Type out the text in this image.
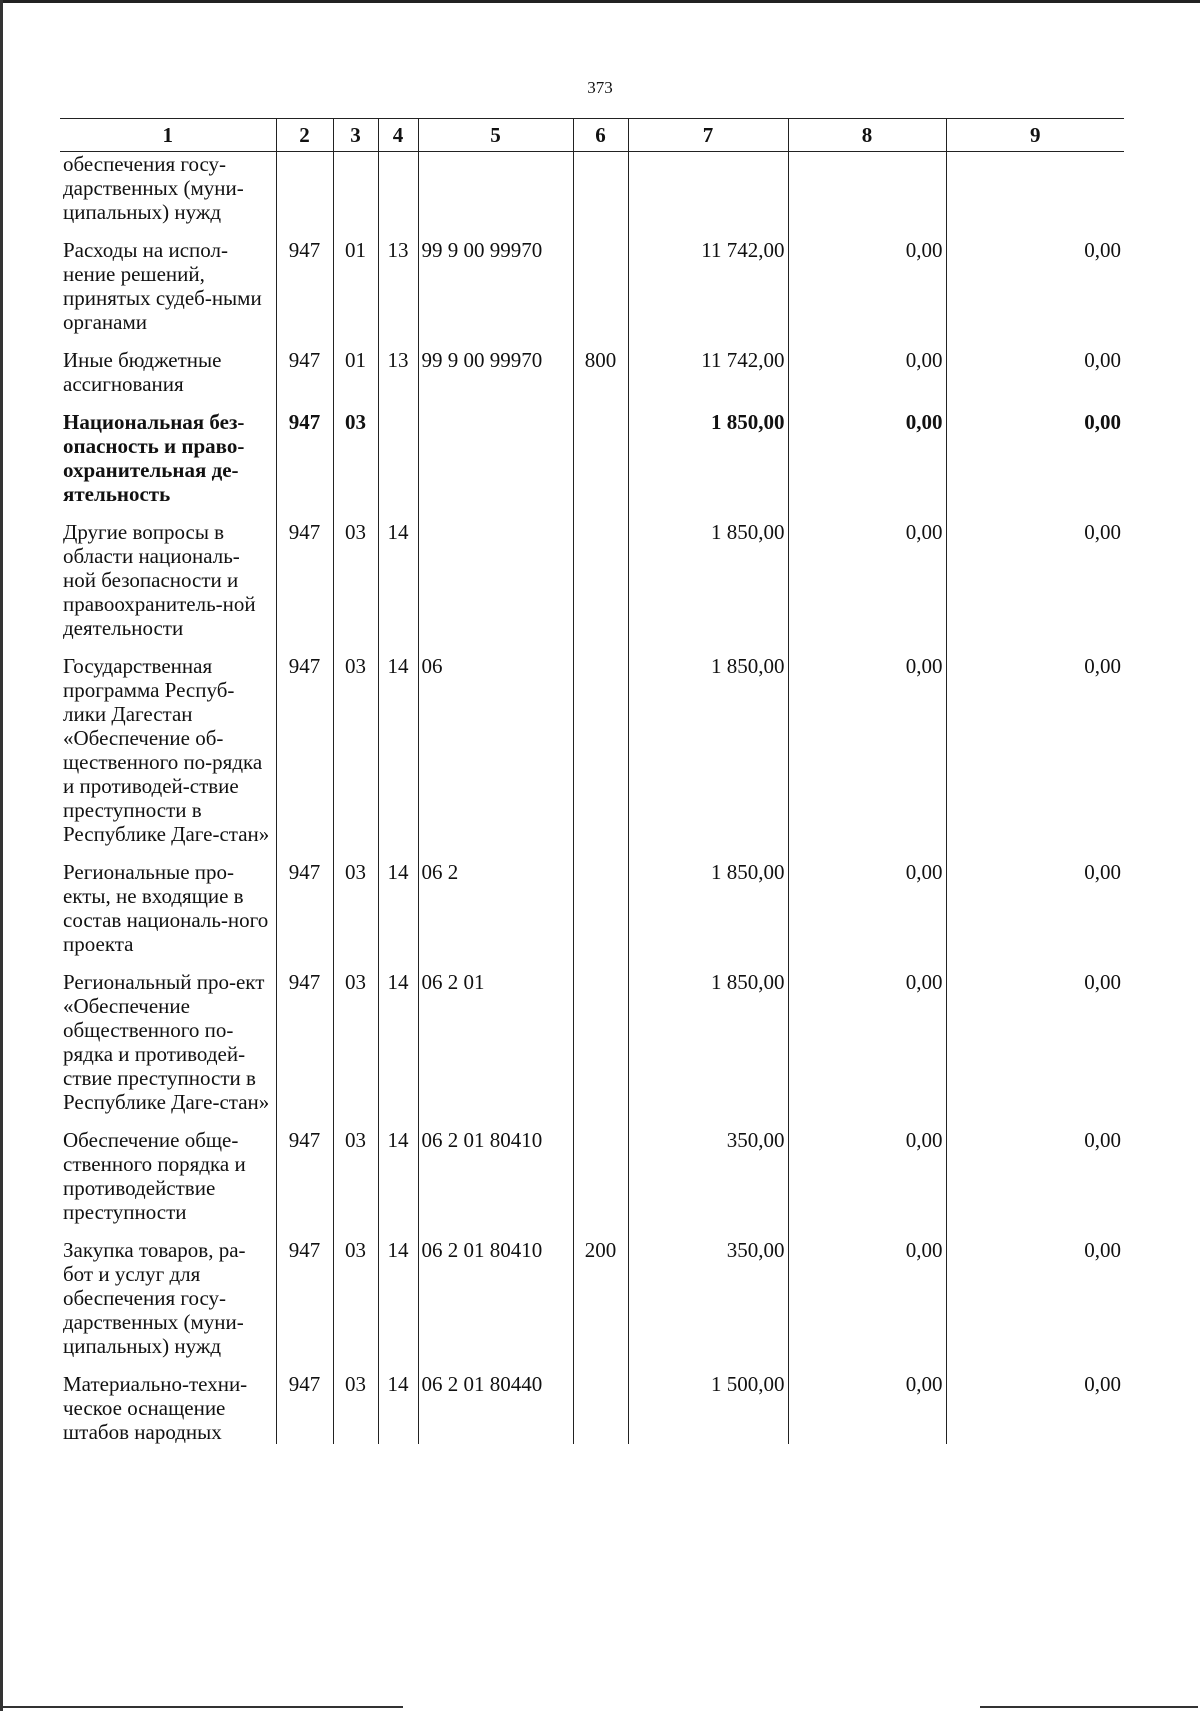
373
1	2	3	4	5	6	7	8	9
обеспечения госу-дарственных (муни-ципальных) нужд								
Расходы на испол-нение решений, принятых судеб-ными органами	947	01	13	99 9 00 99970		11 742,00	0,00	0,00
Иные бюджетные ассигнования	947	01	13	99 9 00 99970	800	11 742,00	0,00	0,00
Национальная без-опасность и право-охранительная де-ятельность	947	03				1 850,00	0,00	0,00
Другие вопросы в области националь-ной безопасности и правоохранитель-ной деятельности	947	03	14			1 850,00	0,00	0,00
Государственная программа Респуб-лики Дагестан «Обеспечение об-щественного по-рядка и противодей-ствие преступности в Республике Даге-стан»	947	03	14	06		1 850,00	0,00	0,00
Региональные про-екты, не входящие в состав националь-ного проекта	947	03	14	06 2		1 850,00	0,00	0,00
Региональный про-ект «Обеспечение общественного по-рядка и противодей-ствие преступности в Республике Даге-стан»	947	03	14	06 2 01		1 850,00	0,00	0,00
Обеспечение обще-ственного порядка и противодействие преступности	947	03	14	06 2 01 80410		350,00	0,00	0,00
Закупка товаров, ра-бот и услуг для обеспечения госу-дарственных (муни-ципальных) нужд	947	03	14	06 2 01 80410	200	350,00	0,00	0,00
Материально-техни-ческое оснащение штабов народных	947	03	14	06 2 01 80440		1 500,00	0,00	0,00
